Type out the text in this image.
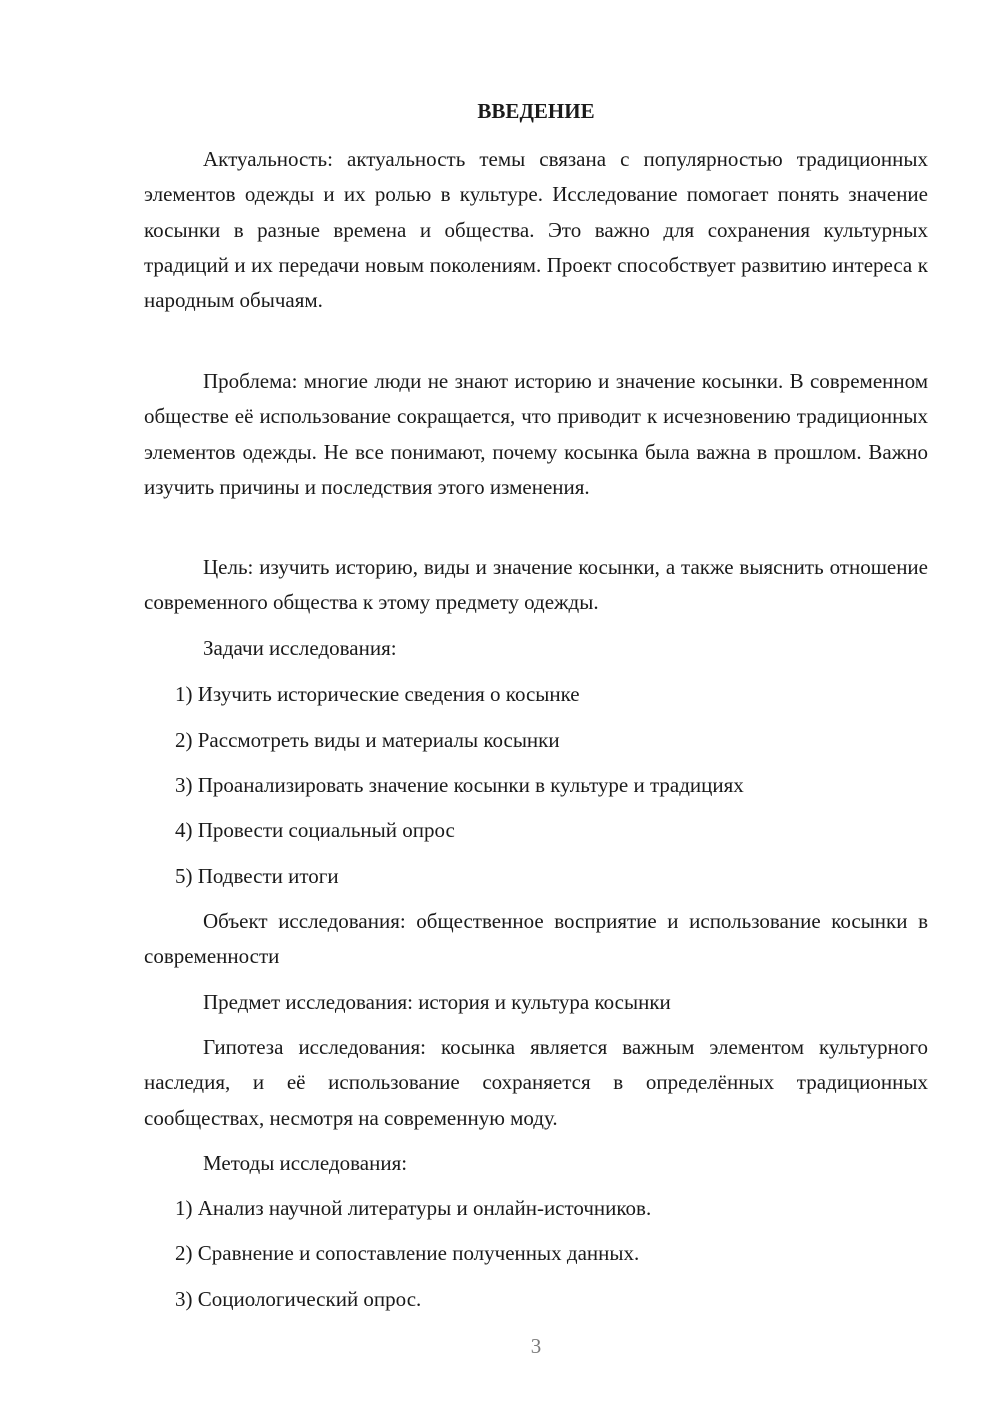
ВВЕДЕНИЕ

Актуальность: актуальность темы связана с популярностью традиционных элементов одежды и их ролью в культуре. Исследование помогает понять значение косынки в разные времена и общества. Это важно для сохранения культурных традиций и их передачи новым поколениям. Проект способствует развитию интереса к народным обычаям.

Проблема: многие люди не знают историю и значение косынки. В современном обществе её использование сокращается, что приводит к исчезновению традиционных элементов одежды. Не все понимают, почему косынка была важна в прошлом. Важно изучить причины и последствия этого изменения.

Цель: изучить историю, виды и значение косынки, а также выяснить отношение современного общества к этому предмету одежды.

Задачи исследования:

1) Изучить исторические сведения о косынке

2) Рассмотреть виды и материалы косынки

3) Проанализировать значение косынки в культуре и традициях

4) Провести социальный опрос

5) Подвести итоги

Объект исследования: общественное восприятие и использование косынки в современности

Предмет исследования: история и культура косынки

Гипотеза исследования: косынка является важным элементом культурного наследия, и её использование сохраняется в определённых традиционных сообществах, несмотря на современную моду.

Методы исследования:

1) Анализ научной литературы и онлайн-источников.

2) Сравнение и сопоставление полученных данных.

3) Социологический опрос.

3
